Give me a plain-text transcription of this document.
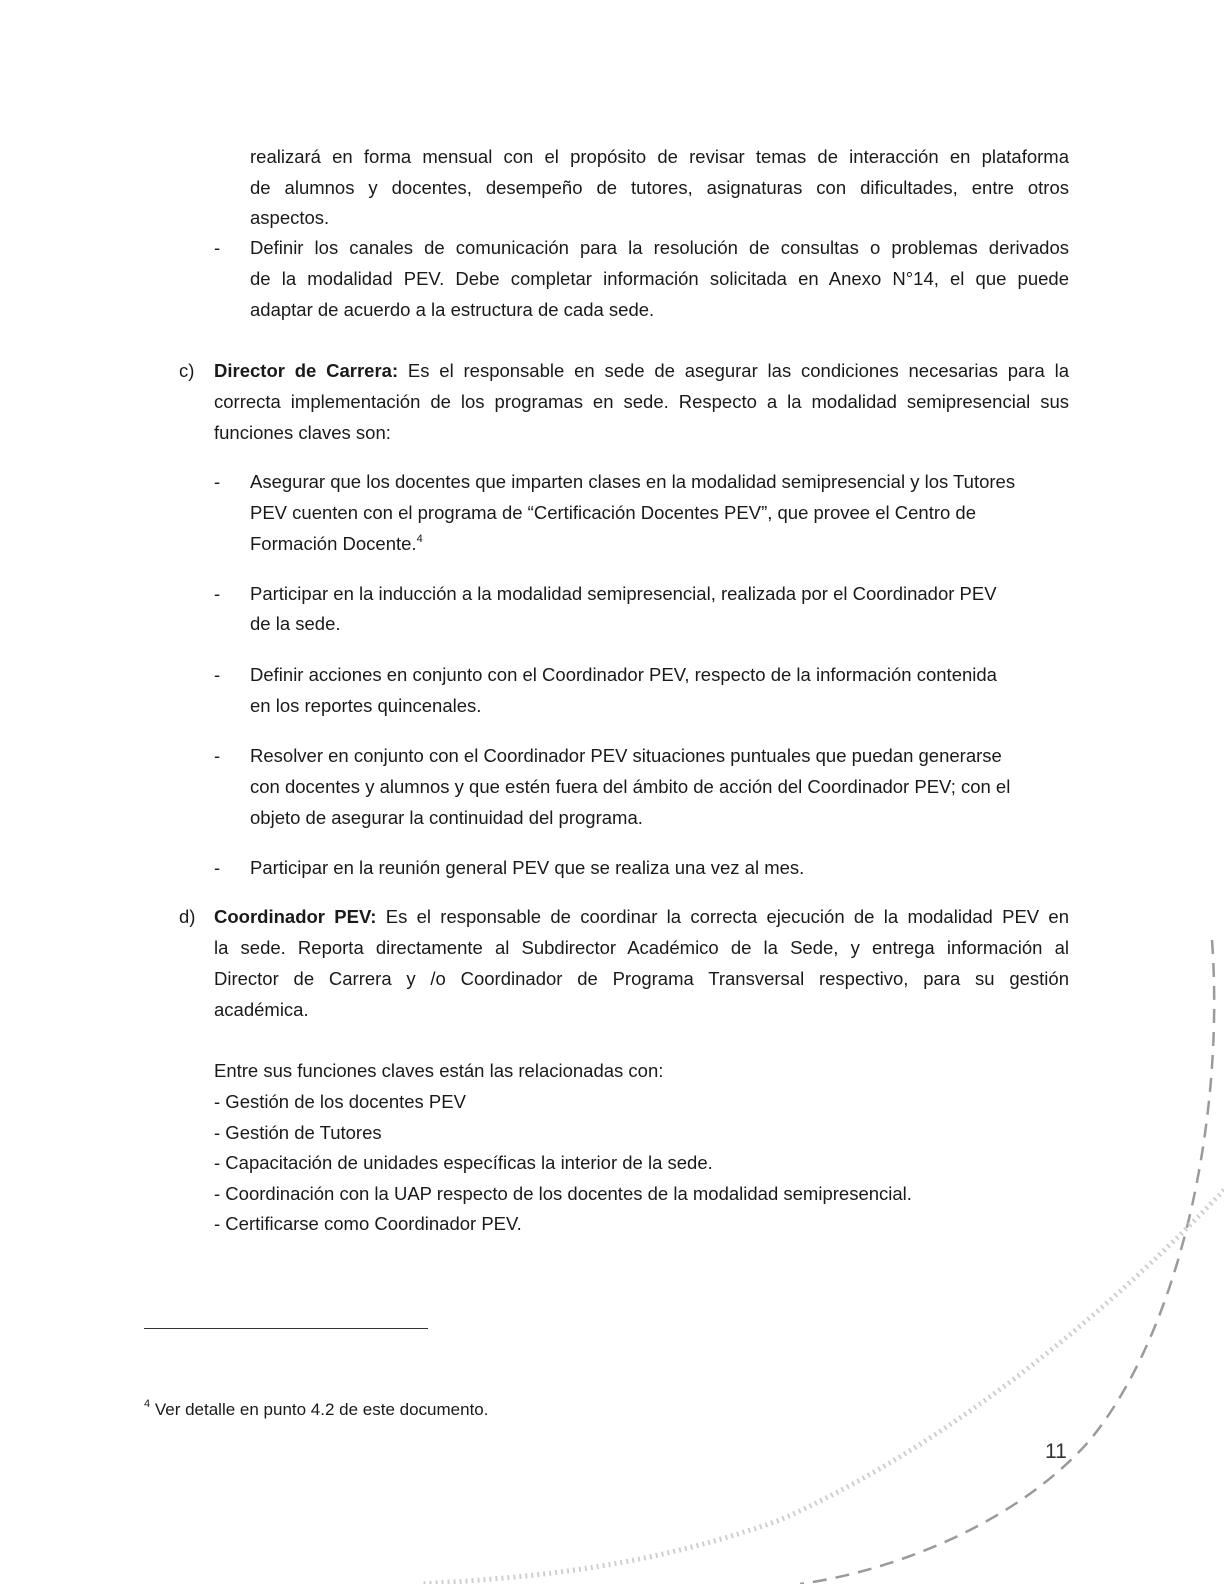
realizará en forma mensual con el propósito de revisar temas de interacción en plataforma
de alumnos y docentes, desempeño de tutores, asignaturas con dificultades, entre otros
aspectos.
- Definir los canales de comunicación para la resolución de consultas o problemas derivados
de la modalidad PEV. Debe completar información solicitada en Anexo N°14, el que puede
adaptar de acuerdo a la estructura de cada sede.
c) Director de Carrera: Es el responsable en sede de asegurar las condiciones necesarias para la
correcta implementación de los programas en sede. Respecto a la modalidad semipresencial sus
funciones claves son:
- Asegurar que los docentes que imparten clases en la modalidad semipresencial y los Tutores
PEV cuenten con el programa de “Certificación Docentes PEV”, que provee el Centro de
Formación Docente.$^4$
- Participar en la inducción a la modalidad semipresencial, realizada por el Coordinador PEV
de la sede.
- Definir acciones en conjunto con el Coordinador PEV, respecto de la información contenida
en los reportes quincenales.
- Resolver en conjunto con el Coordinador PEV situaciones puntuales que puedan generarse
con docentes y alumnos y que estén fuera del ámbito de acción del Coordinador PEV; con el
objeto de asegurar la continuidad del programa.
- Participar en la reunión general PEV que se realiza una vez al mes.
d) Coordinador PEV: Es el responsable de coordinar la correcta ejecución de la modalidad PEV en
la sede. Reporta directamente al Subdirector Académico de la Sede, y entrega información al
Director de Carrera y /o Coordinador de Programa Transversal respectivo, para su gestión
académica.
Entre sus funciones claves están las relacionadas con:
- Gestión de los docentes PEV
- Gestión de Tutores
- Capacitación de unidades específicas la interior de la sede.
- Coordinación con la UAP respecto de los docentes de la modalidad semipresencial.
- Certificarse como Coordinador PEV.
$^4$ Ver detalle en punto 4.2 de este documento.
11
